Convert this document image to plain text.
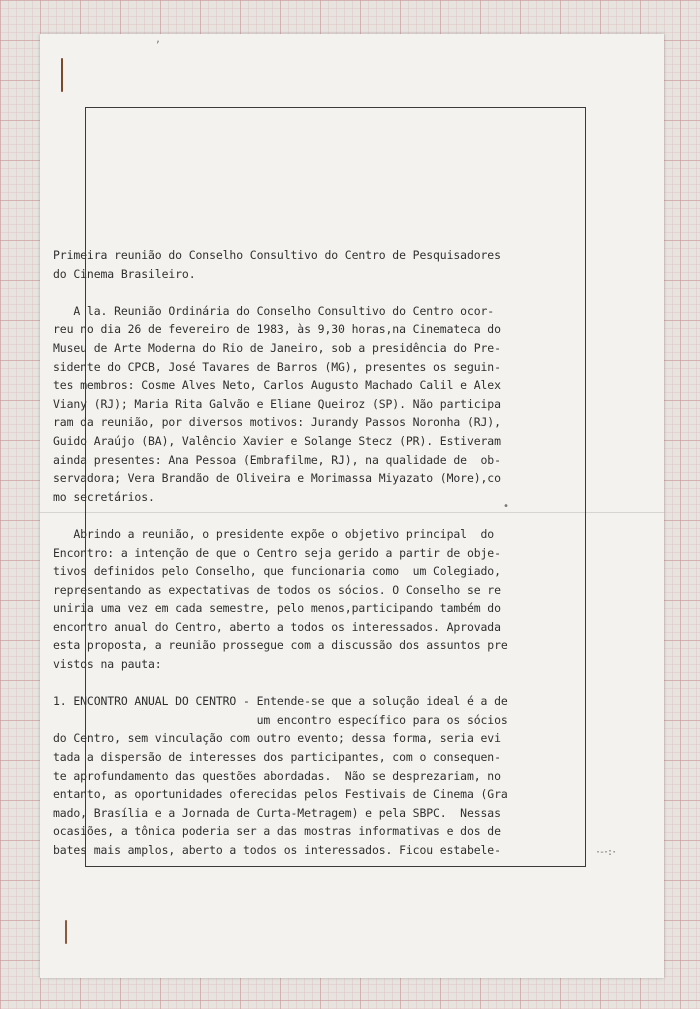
,
•
·-·:·
Primeira reunião do Conselho Consultivo do Centro de Pesquisadores
do Cinema Brasileiro.
A la. Reunião Ordinária do Conselho Consultivo do Centro ocor-
reu no dia 26 de fevereiro de 1983, às 9,30 horas,na Cinemateca do
Museu de Arte Moderna do Rio de Janeiro, sob a presidência do Pre-
sidente do CPCB, José Tavares de Barros (MG), presentes os seguin-
tes membros: Cosme Alves Neto, Carlos Augusto Machado Calil e Alex
Viany (RJ); Maria Rita Galvão e Eliane Queiroz (SP). Não participa
ram da reunião, por diversos motivos: Jurandy Passos Noronha (RJ),
Guido Araújo (BA), Valêncio Xavier e Solange Stecz (PR). Estiveram
ainda presentes: Ana Pessoa (Embrafilme, RJ), na qualidade de  ob-
servadora; Vera Brandão de Oliveira e Morimassa Miyazato (More),co
mo secretários.
Abrindo a reunião, o presidente expõe o objetivo principal  do
Encontro: a intenção de que o Centro seja gerido a partir de obje-
tivos definidos pelo Conselho, que funcionaria como  um Colegiado,
representando as expectativas de todos os sócios. O Conselho se re
uniria uma vez em cada semestre, pelo menos,participando também do
encontro anual do Centro, aberto a todos os interessados. Aprovada
esta proposta, a reunião prossegue com a discussão dos assuntos pre
vistos na pauta:
1. ENCONTRO ANUAL DO CENTRO - Entende-se que a solução ideal é a de
um encontro específico para os sócios
do Centro, sem vinculação com outro evento; dessa forma, seria evi
tada a dispersão de interesses dos participantes, com o consequen-
te aprofundamento das questões abordadas.  Não se desprezariam, no
entanto, as oportunidades oferecidas pelos Festivais de Cinema (Gra
mado, Brasília e a Jornada de Curta-Metragem) e pela SBPC.  Nessas
ocasiões, a tônica poderia ser a das mostras informativas e dos de
bates mais amplos, aberto a todos os interessados. Ficou estabele-
